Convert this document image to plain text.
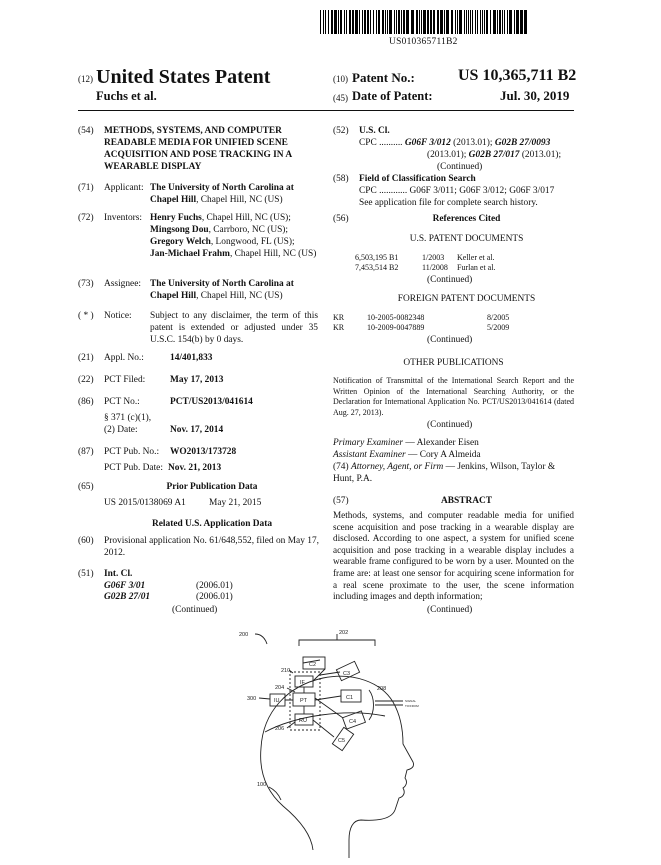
US010365711B2
(12) United States Patent
Fuchs et al.
(10) Patent No.:	US 10,365,711 B2
(45) Date of Patent:	Jul. 30, 2019
(54) METHODS, SYSTEMS, AND COMPUTER READABLE MEDIA FOR UNIFIED SCENE ACQUISITION AND POSE TRACKING IN A WEARABLE DISPLAY
(71) Applicant: The University of North Carolina at Chapel Hill, Chapel Hill, NC (US)
(72) Inventors: Henry Fuchs, Chapel Hill, NC (US);
Mingsong Dou, Carrboro, NC (US);
Gregory Welch, Longwood, FL (US);
Jan-Michael Frahm, Chapel Hill, NC (US)
(73) Assignee: The University of North Carolina at Chapel Hill, Chapel Hill, NC (US)
( * ) Notice: Subject to any disclaimer, the term of this patent is extended or adjusted under 35 U.S.C. 154(b) by 0 days.
(21) Appl. No.:	14/401,833
(22) PCT Filed:	May 17, 2013
(86) PCT No.:	PCT/US2013/041614
§ 371 (c)(1),
(2) Date:	Nov. 17, 2014
(87) PCT Pub. No.: WO2013/173728
PCT Pub. Date: Nov. 21, 2013
(65)	Prior Publication Data
US 2015/0138069 A1 May 21, 2015
Related U.S. Application Data
(60) Provisional application No. 61/648,552, filed on May 17, 2012.
(51) Int. Cl.
G06F 3/01	(2006.01)
G02B 27/01	(2006.01)
(Continued)
(52) U.S. Cl.
CPC .......... G06F 3/012 (2013.01); G02B 27/0093
(2013.01); G02B 27/017 (2013.01);
(Continued)
(58) Field of Classification Search
CPC ............ G06F 3/011; G06F 3/012; G06F 3/017
See application file for complete search history.
(56)	References Cited
U.S. PATENT DOCUMENTS
6,503,195 B1	1/2003 Keller et al.
7,453,514 B2	11/2008 Furlan et al.
(Continued)
FOREIGN PATENT DOCUMENTS
KR	10-2005-0082348	8/2005
KR	10-2009-0047889	5/2009
(Continued)
OTHER PUBLICATIONS
Notification of Transmittal of the International Search Report and the Written Opinion of the International Searching Authority, or the Declaration for International Application No. PCT/US2013/041614 (dated Aug. 27, 2013).
(Continued)
Primary Examiner — Alexander Eisen
Assistant Examiner — Cory A Almeida
(74) Attorney, Agent, or Firm — Jenkins, Wilson, Taylor & Hunt, P.A.
(57)	ABSTRACT
Methods, systems, and computer readable media for unified scene acquisition and pose tracking in a wearable display are disclosed. According to one aspect, a system for unified scene acquisition and pose tracking in a wearable display includes a wearable frame configured to be worn by a user. Mounted on the frame are: at least one sensor for acquiring scene information for a real scene proximate to the user, the scene information including images and depth information;
(Continued)
200	202
210
204
300
206
208
100
C2
C3
C1
C4
C5
IF
PT
IU
RU
SIGNAL
TO/FROM
